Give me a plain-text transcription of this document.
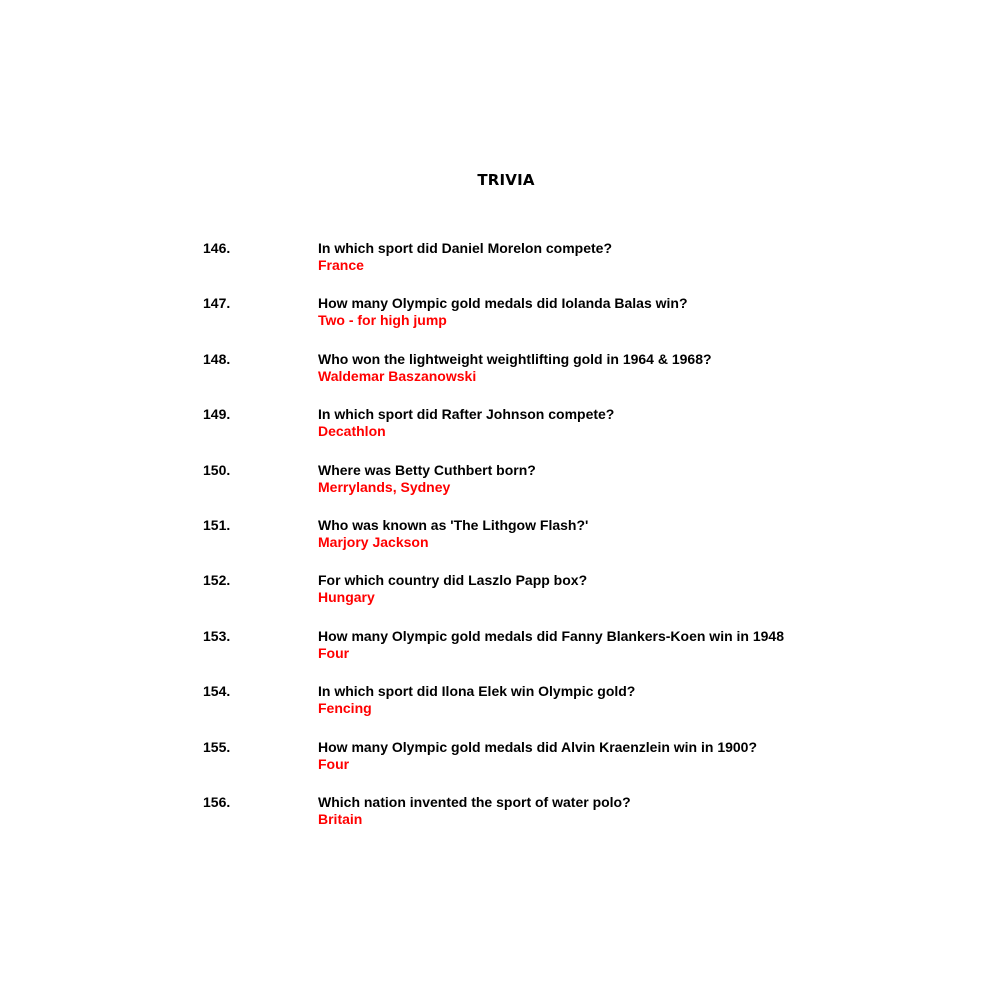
TRIVIA
146.	In which sport did Daniel Morelon compete?
France
147.	How many Olympic gold medals did Iolanda Balas win?
Two - for high jump
148.	Who won the lightweight weightlifting gold in 1964 & 1968?
Waldemar Baszanowski
149.	In which sport did Rafter Johnson compete?
Decathlon
150.	Where was Betty Cuthbert born?
Merrylands, Sydney
151.	Who was known as 'The Lithgow Flash?'
Marjory Jackson
152.	For which country did Laszlo Papp box?
Hungary
153.	How many Olympic gold medals did Fanny Blankers-Koen win in 1948
Four
154.	In which sport did Ilona Elek win Olympic gold?
Fencing
155.	How many Olympic gold medals did Alvin Kraenzlein win in 1900?
Four
156.	Which nation invented the sport of water polo?
Britain
